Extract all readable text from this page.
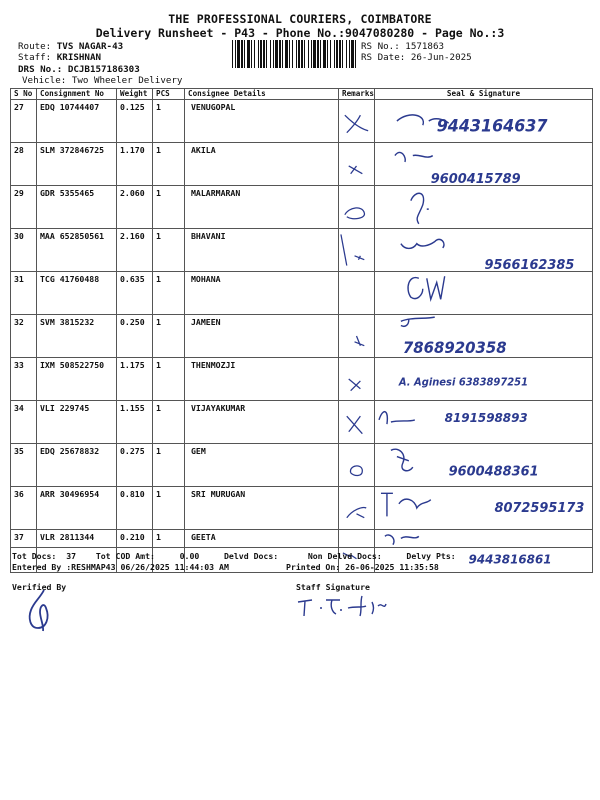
THE PROFESSIONAL COURIERS, COIMBATORE
Delivery Runsheet - P43 - Phone No.:9047080280 - Page No.:3
Route: TVS NAGAR-43
Staff: KRISHNAN
DRS No.: DCJB157186303
Vehicle: Two Wheeler Delivery
RS No.: 1571863
RS Date: 26-Jun-2025
S No	Consignment No	Weight	PCS	Consignee Details	Remarks	Seal & Signature
27	EDQ 10744407	0.125	1	VENUGOPAL		9443164637

28	SLM 372846725	1.170	1	AKILA		9600415789

29	GDR 5355465	2.060	1	MALARMARAN	

30	MAA 652850561	2.160	1	BHAVANI		9566162385

31	TCG 41760488	0.635	1	MOHANA	

32	SVM 3815232	0.250	1	JAMEEN		7868920358

33	IXM 508522750	1.175	1	THENMOZJI		A. Aginesi 6383897251

34	VLI 229745	1.155	1	VIJAYAKUMAR		8191598893

35	EDQ 25678832	0.275	1	GEM		9600488361

36	ARR 30496954	0.810	1	SRI MURUGAN		8072595173

37	VLR 2811344	0.210	1	GEETA		9443816861
Tot Docs: 37 Tot COD Amt:	0.00	Delvd Docs:	Non Delvd Docs:	Delvy Pts:
Entered By :RESHMAP43 06/26/2025 11:44:03 AM	Printed On: 26-06-2025 11:35:58
Verified By	Staff Signature
